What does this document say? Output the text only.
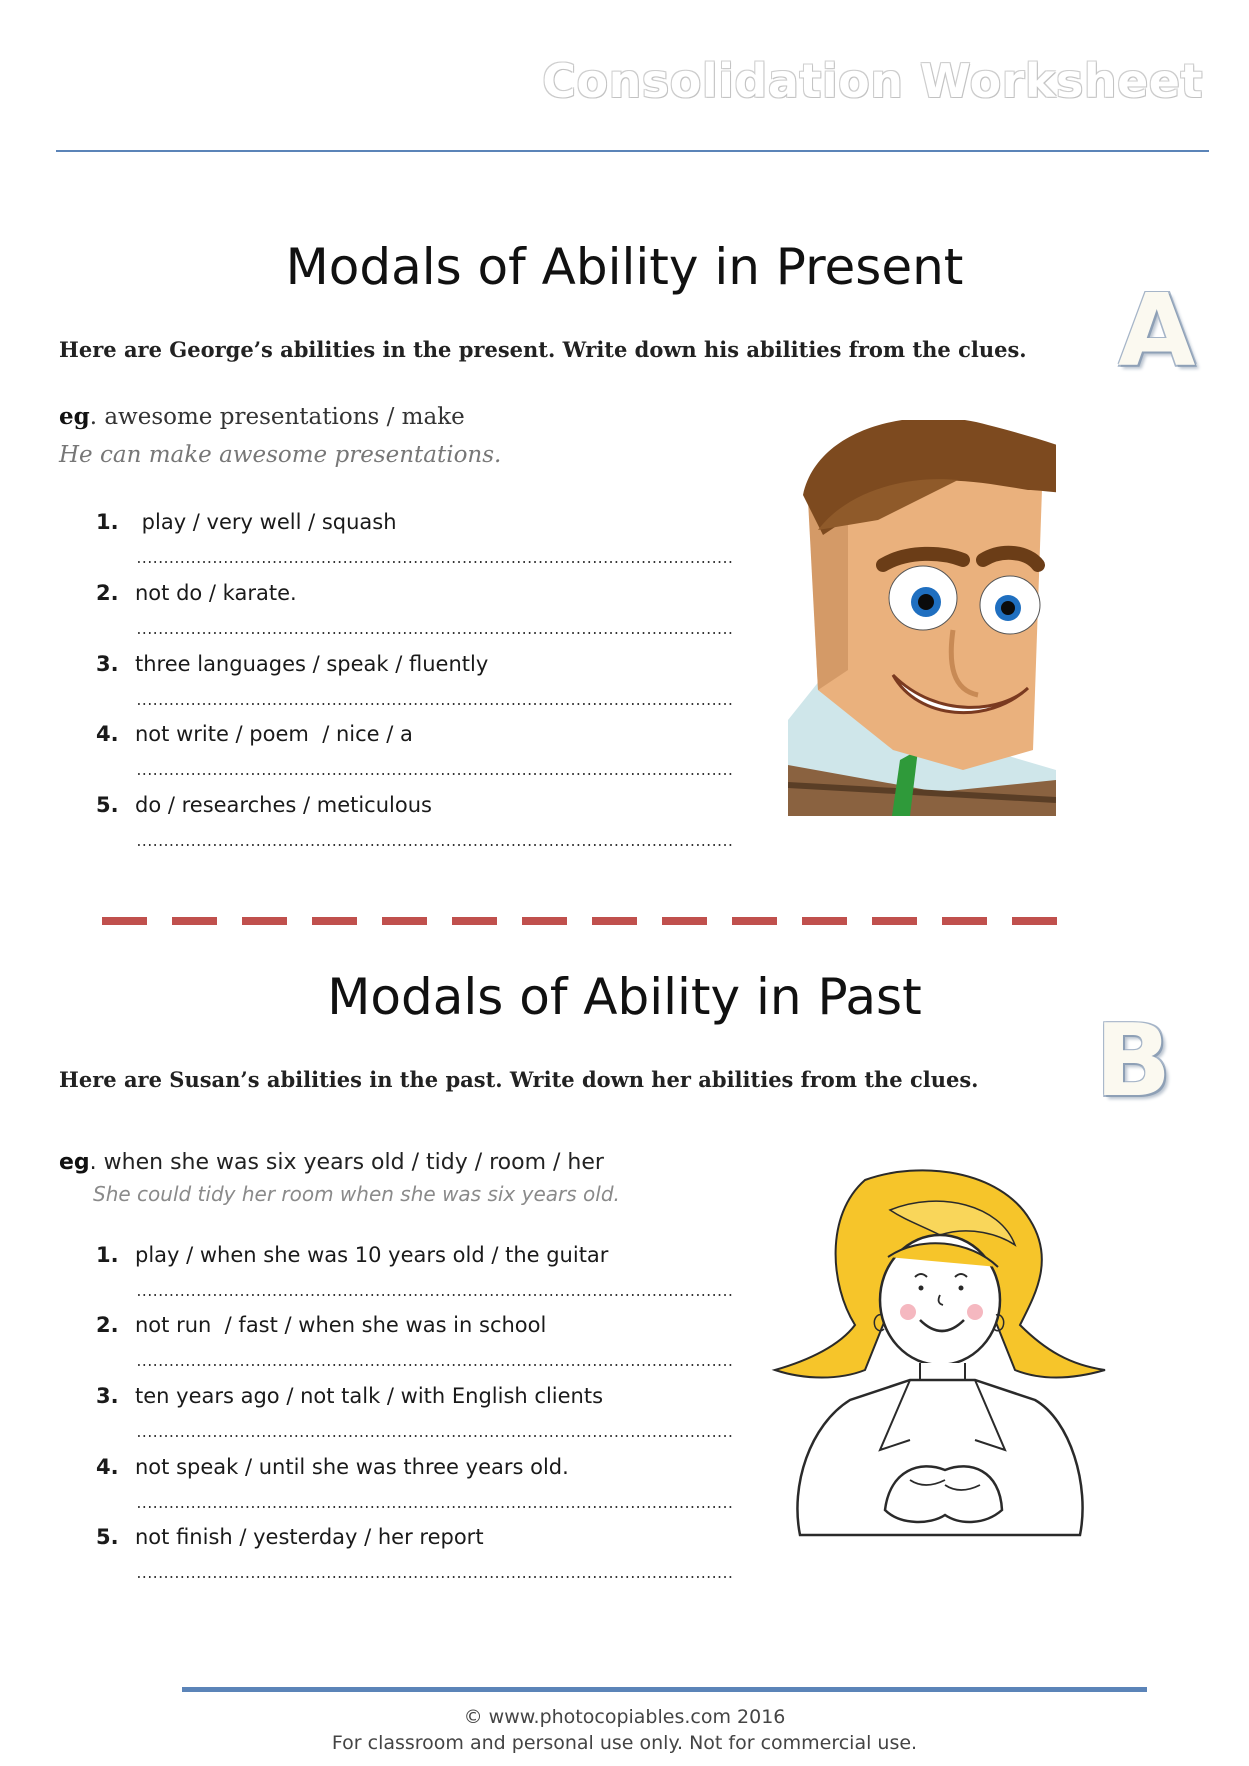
Consolidation Worksheet
Modals of Ability in Present
A
Here are George’s abilities in the present. Write down his abilities from the clues.
eg. awesome presentations / make
He can make awesome presentations.
1. play / very well / squash
..............................................................................................................
2. not do / karate.
..............................................................................................................
3. three languages / speak / fluently
..............................................................................................................
4. not write / poem  / nice / a
..............................................................................................................
5. do / researches / meticulous
..............................................................................................................
Modals of Ability in Past
B
Here are Susan’s abilities in the past. Write down her abilities from the clues.
eg. when she was six years old / tidy / room / her
She could tidy her room when she was six years old.
1. play / when she was 10 years old / the guitar
..............................................................................................................
2. not run  / fast / when she was in school
..............................................................................................................
3. ten years ago / not talk / with English clients
..............................................................................................................
4. not speak / until she was three years old.
..............................................................................................................
5. not finish / yesterday / her report
..............................................................................................................
© www.photocopiables.com 2016
For classroom and personal use only. Not for commercial use.
